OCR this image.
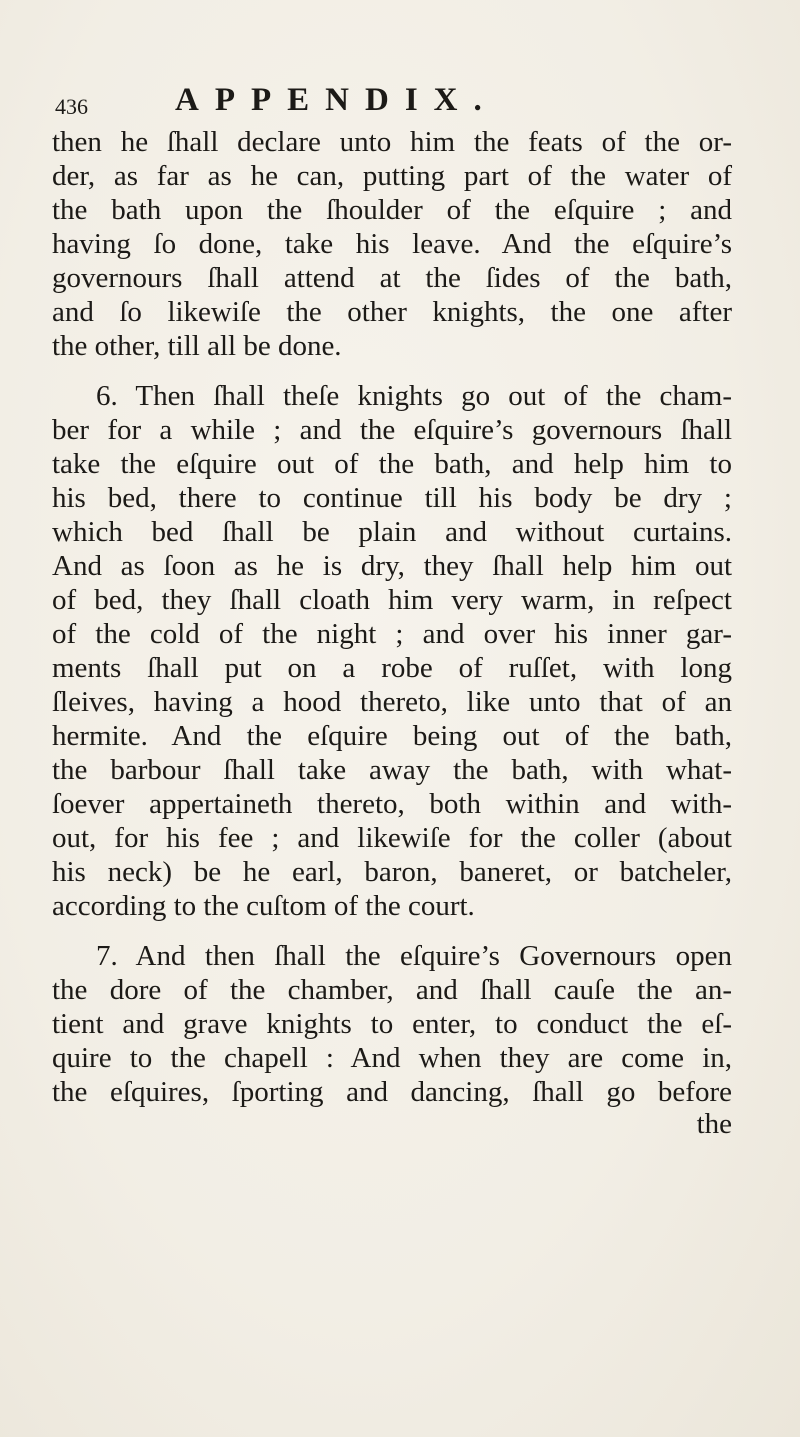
436	APPENDIX.
then he ſhall declare unto him the feats of the or-
der, as far as he can, putting part of the water of
the bath upon the ſhoulder of the eſquire ; and
having ſo done, take his leave. And the eſquire’s
governours ſhall attend at the ſides of the bath,
and ſo likewiſe the other knights, the one after
the other, till all be done.
6. Then ſhall theſe knights go out of the cham-
ber for a while ; and the eſquire’s governours ſhall
take the eſquire out of the bath, and help him to
his bed, there to continue till his body be dry ;
which bed ſhall be plain and without curtains.
And as ſoon as he is dry, they ſhall help him out
of bed, they ſhall cloath him very warm, in reſpect
of the cold of the night ; and over his inner gar-
ments ſhall put on a robe of ruſſet, with long
ſleives, having a hood thereto, like unto that of an
hermite. And the eſquire being out of the bath,
the barbour ſhall take away the bath, with what-
ſoever appertaineth thereto, both within and with-
out, for his fee ; and likewiſe for the coller (about
his neck) be he earl, baron, baneret, or batcheler,
according to the cuſtom of the court.
7. And then ſhall the eſquire’s Governours open
the dore of the chamber, and ſhall cauſe the an-
tient and grave knights to enter, to conduct the eſ-
quire to the chapell : And when they are come in,
the eſquires, ſporting and dancing, ſhall go before
the
